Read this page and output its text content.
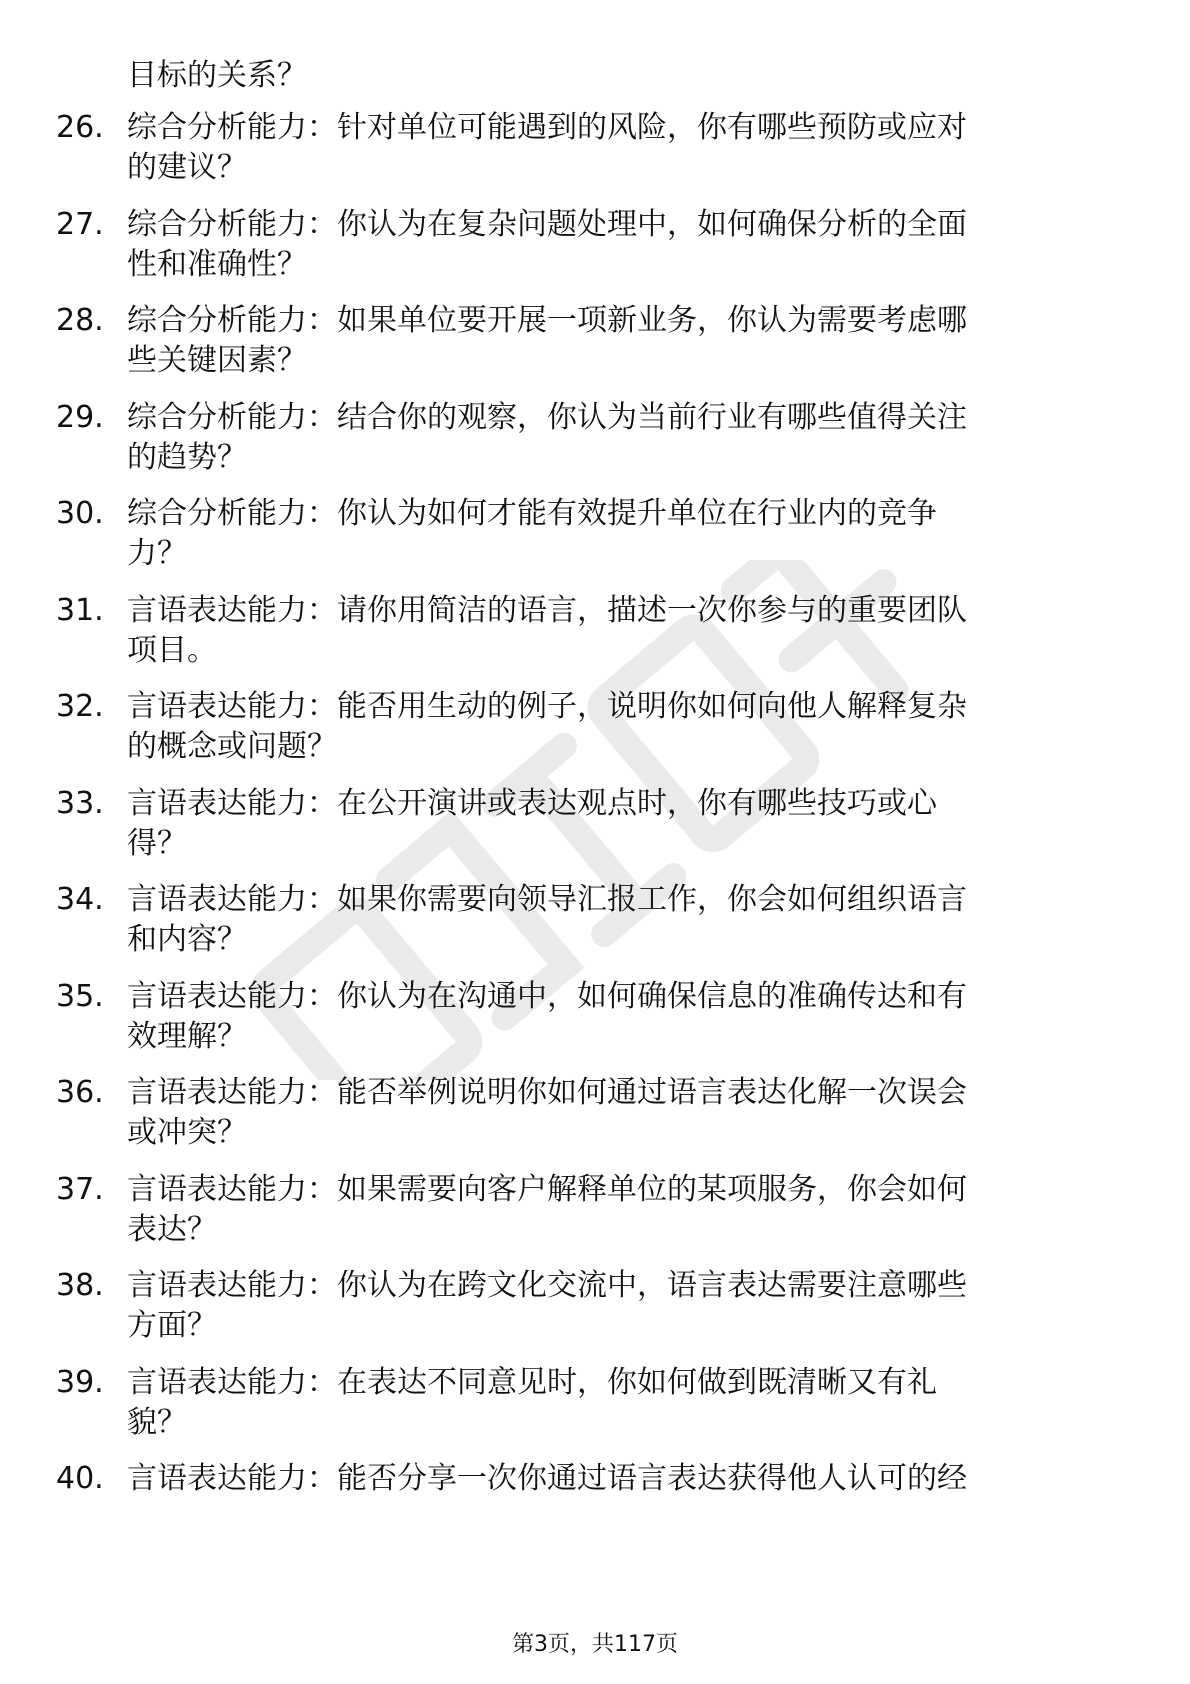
目标的关系？
26. 综合分析能力：针对单位可能遇到的风险，你有哪些预防或应对
的建议？
27. 综合分析能力：你认为在复杂问题处理中，如何确保分析的全面
性和准确性？
28. 综合分析能力：如果单位要开展一项新业务，你认为需要考虑哪
些关键因素？
29. 综合分析能力：结合你的观察，你认为当前行业有哪些值得关注
的趋势？
30. 综合分析能力：你认为如何才能有效提升单位在行业内的竞争
力？
31. 言语表达能力：请你用简洁的语言，描述一次你参与的重要团队
项目。
32. 言语表达能力：能否用生动的例子，说明你如何向他人解释复杂
的概念或问题？
33. 言语表达能力：在公开演讲或表达观点时，你有哪些技巧或心
得？
34. 言语表达能力：如果你需要向领导汇报工作，你会如何组织语言
和内容？
35. 言语表达能力：你认为在沟通中，如何确保信息的准确传达和有
效理解？
36. 言语表达能力：能否举例说明你如何通过语言表达化解一次误会
或冲突？
37. 言语表达能力：如果需要向客户解释单位的某项服务，你会如何
表达？
38. 言语表达能力：你认为在跨文化交流中，语言表达需要注意哪些
方面？
39. 言语表达能力：在表达不同意见时，你如何做到既清晰又有礼
貌？
40. 言语表达能力：能否分享一次你通过语言表达获得他人认可的经
第3页，共117页
